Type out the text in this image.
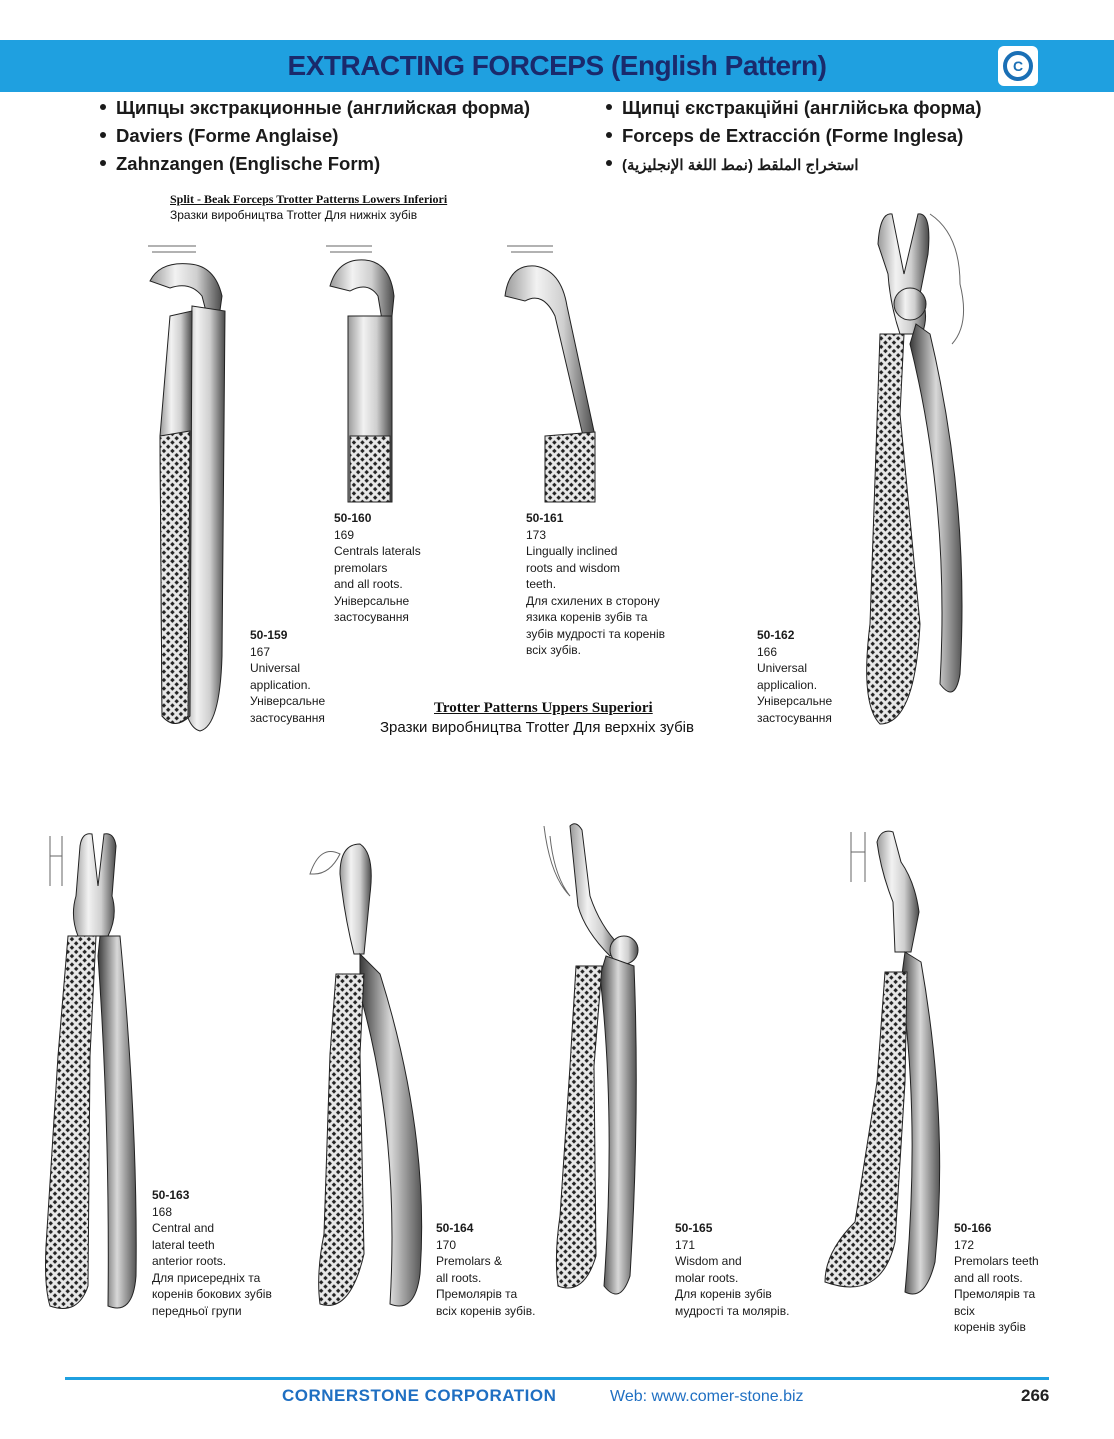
EXTRACTING FORCEPS (English Pattern)	C
Щипцы экстракционные (английская форма)
Daviers (Forme Anglaise)
Zahnzangen (Englische Form)
Щипці єкстракційні (англійська форма)
Forceps de Extracción (Forme Inglesa)
استخراج الملقط (نمط اللغة الإنجليزية)
Split - Beak Forceps Trotter Patterns Lowers Inferiori
Зразки виробництва Trotter Для нижніх зубів
Trotter Patterns Uppers Superiori
Зразки виробництва Trotter Для верхніх зубів
50-159
167
Universal
application.
Універсальне
застосування
50-160
169
Centrals laterals
premolars
and all roots.
Універсальне
застосування
50-161
173
Lingually inclined
roots and wisdom
teeth.
Для схилених в сторону
язика коренів зубів та
зубів мудрості та коренів
всіх зубів.
50-162
166
Universal
applicalion.
Універсальне
застосування
50-163
168
Central and
lateral teeth
anterior roots.
Для присередніх та
коренів бокових зубів
передньої групи
50-164
170
Premolars &
all roots.
Премолярів та
всіх коренів зубів.
50-165
171
Wisdom and
molar roots.
Для коренів зубів
мудрості та молярів.
50-166
172
Premolars teeth
and all roots.
Премолярів та
всіх
коренів зубів
CORNERSTONE CORPORATION	Web: www.comer-stone.biz	266
